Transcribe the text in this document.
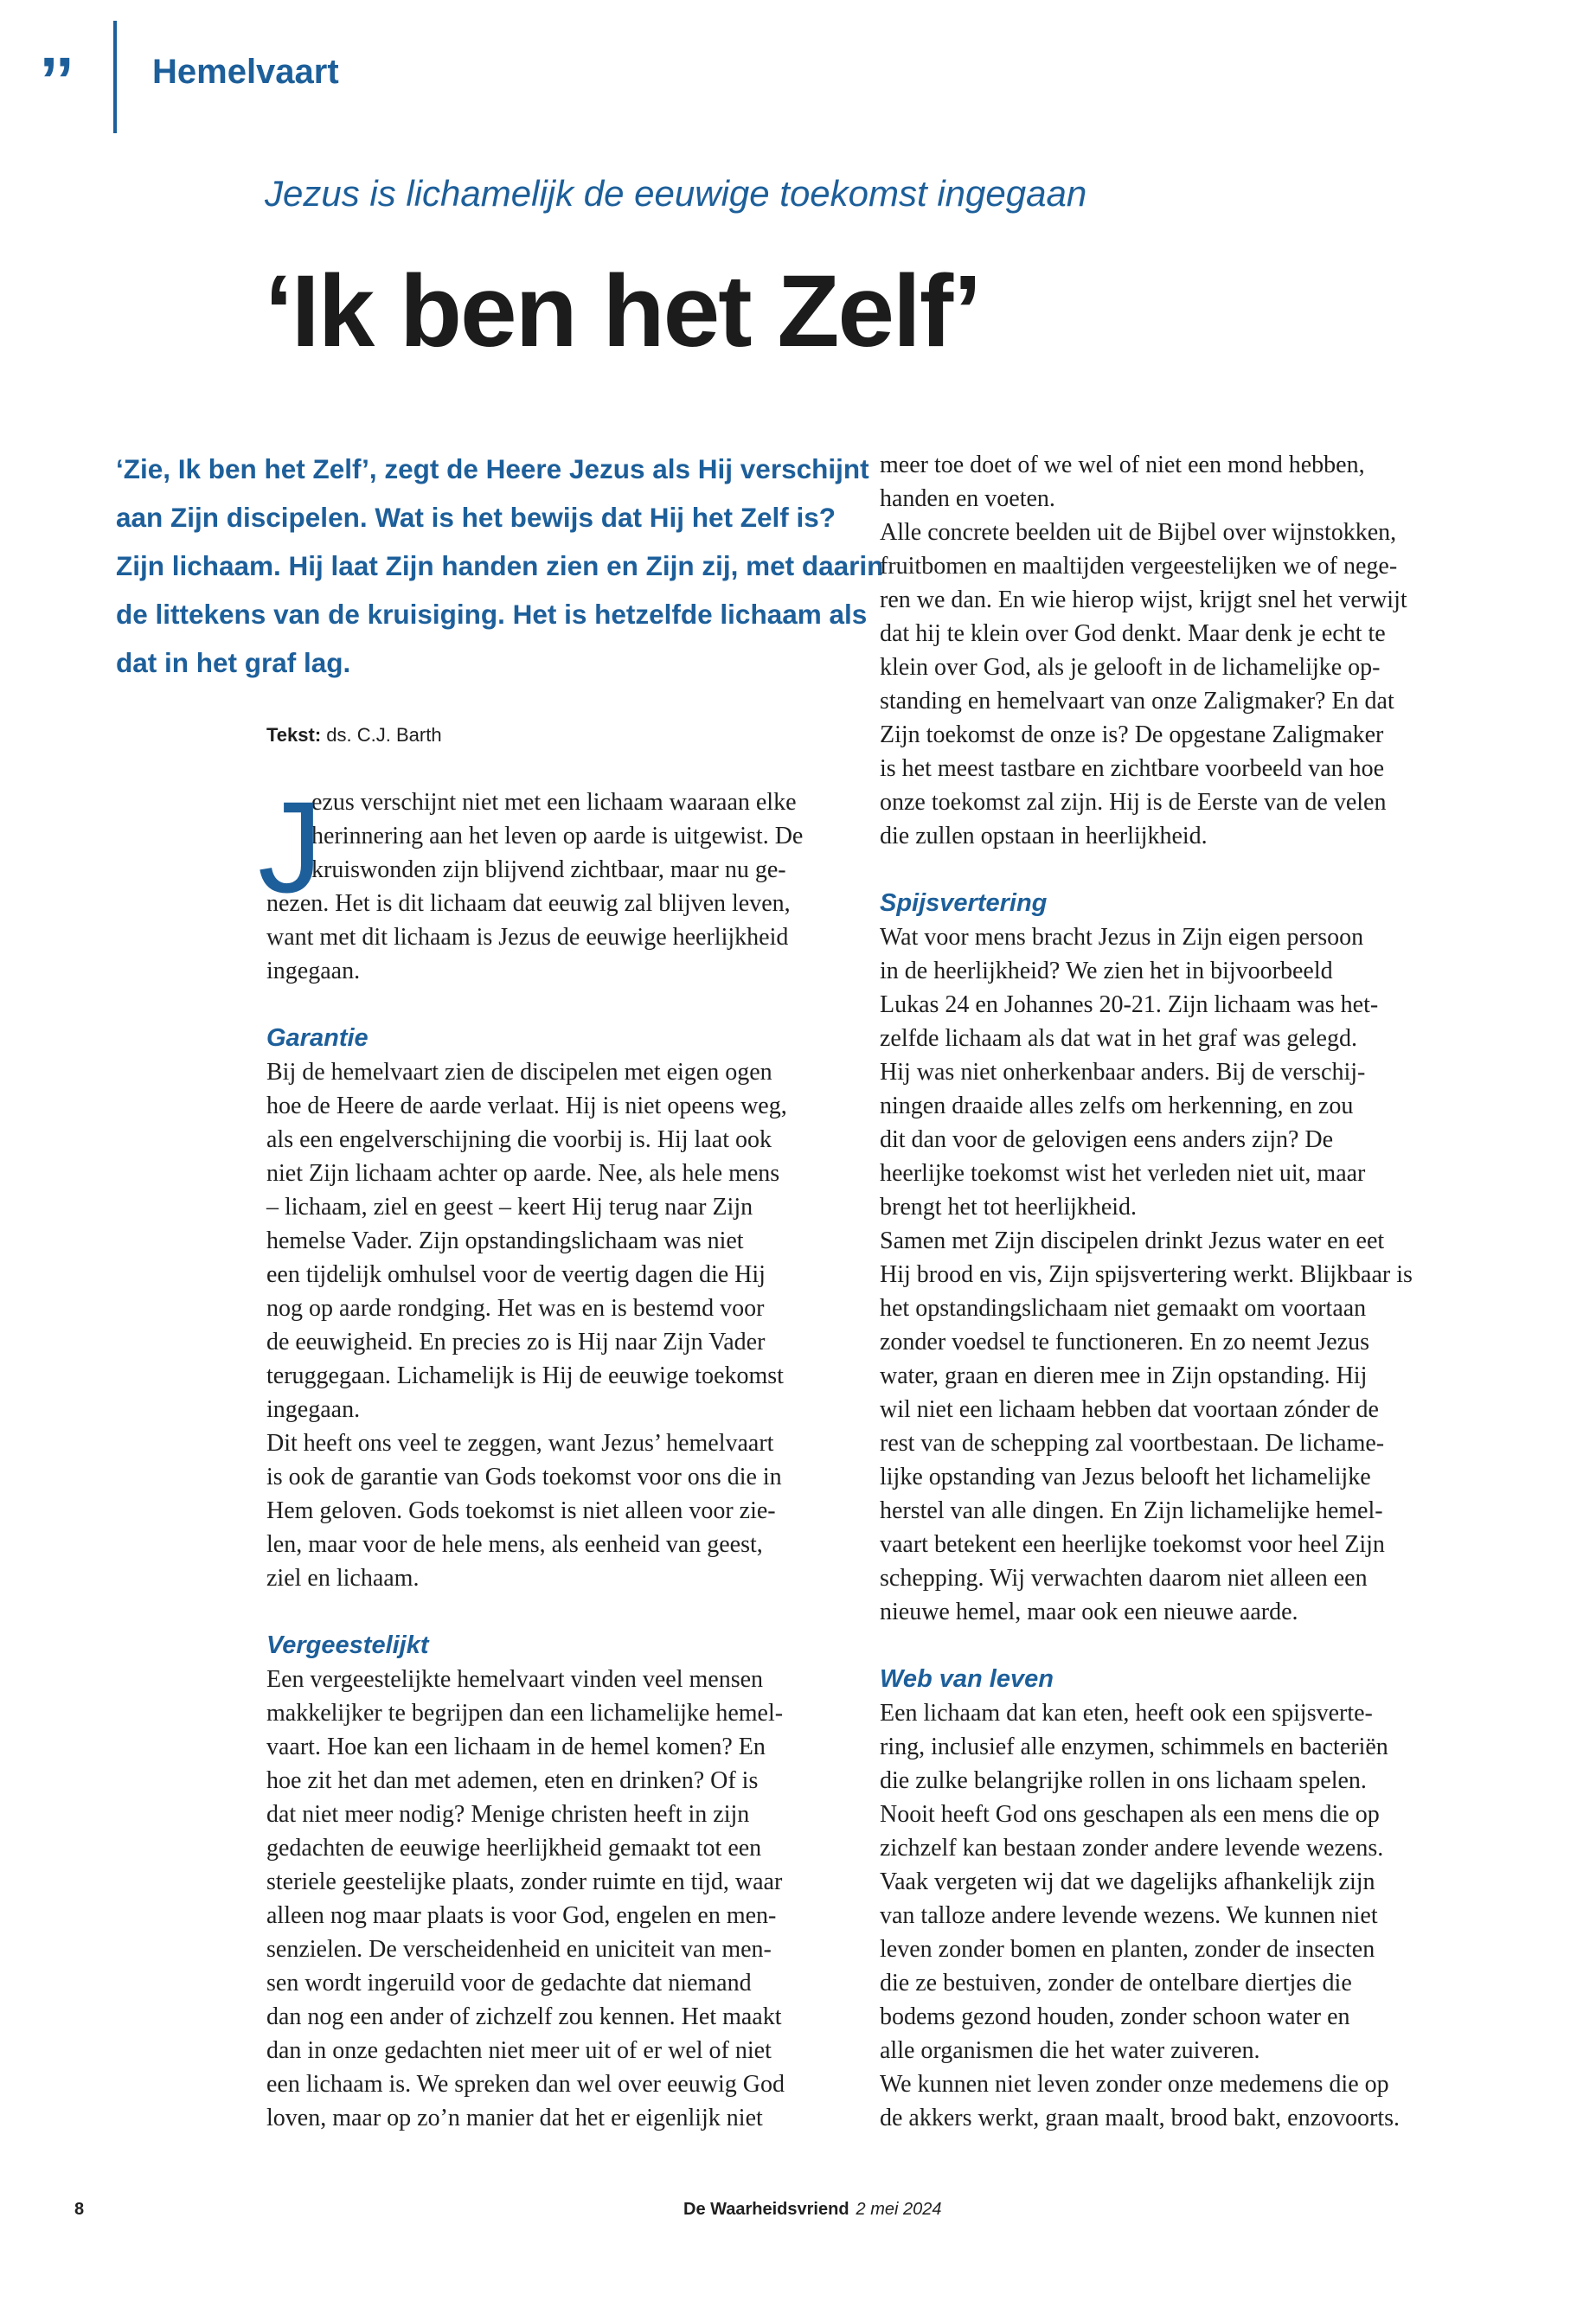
’’ Hemelvaart
Jezus is lichamelijk de eeuwige toekomst ingegaan
‘Ik ben het Zelf’
‘Zie, Ik ben het Zelf’, zegt de Heere Jezus als Hij verschijnt
aan Zijn discipelen. Wat is het bewijs dat Hij het Zelf is?
Zijn lichaam. Hij laat Zijn handen zien en Zijn zij, met daarin
de littekens van de kruisiging. Het is hetzelfde lichaam als
dat in het graf lag.
Tekst: ds. C.J. Barth
J
ezus verschijnt niet met een lichaam waaraan elke
herinnering aan het leven op aarde is uitgewist. De
kruiswonden zijn blijvend zichtbaar, maar nu ge-
nezen. Het is dit lichaam dat eeuwig zal blijven leven,
want met dit lichaam is Jezus de eeuwige heerlijkheid
ingegaan.
Garantie
Bij de hemelvaart zien de discipelen met eigen ogen
hoe de Heere de aarde verlaat. Hij is niet opeens weg,
als een engelverschijning die voorbij is. Hij laat ook
niet Zijn lichaam achter op aarde. Nee, als hele mens
– lichaam, ziel en geest – keert Hij terug naar Zijn
hemelse Vader. Zijn opstandingslichaam was niet
een tijdelijk omhulsel voor de veertig dagen die Hij
nog op aarde rondging. Het was en is bestemd voor
de eeuwigheid. En precies zo is Hij naar Zijn Vader
teruggegaan. Lichamelijk is Hij de eeuwige toekomst
ingegaan.
Dit heeft ons veel te zeggen, want Jezus’ hemelvaart
is ook de garantie van Gods toekomst voor ons die in
Hem geloven. Gods toekomst is niet alleen voor zie-
len, maar voor de hele mens, als eenheid van geest,
ziel en lichaam.
Vergeestelijkt
Een vergeestelijkte hemelvaart vinden veel mensen
makkelijker te begrijpen dan een lichamelijke hemel-
vaart. Hoe kan een lichaam in de hemel komen? En
hoe zit het dan met ademen, eten en drinken? Of is
dat niet meer nodig? Menige christen heeft in zijn
gedachten de eeuwige heerlijkheid gemaakt tot een
steriele geestelijke plaats, zonder ruimte en tijd, waar
alleen nog maar plaats is voor God, engelen en men-
senzielen. De verscheidenheid en uniciteit van men-
sen wordt ingeruild voor de gedachte dat niemand
dan nog een ander of zichzelf zou kennen. Het maakt
dan in onze gedachten niet meer uit of er wel of niet
een lichaam is. We spreken dan wel over eeuwig God
loven, maar op zo’n manier dat het er eigenlijk niet
meer toe doet of we wel of niet een mond hebben,
handen en voeten.
Alle concrete beelden uit de Bijbel over wijnstokken,
fruitbomen en maaltijden vergeestelijken we of nege-
ren we dan. En wie hierop wijst, krijgt snel het verwijt
dat hij te klein over God denkt. Maar denk je echt te
klein over God, als je gelooft in de lichamelijke op-
standing en hemelvaart van onze Zaligmaker? En dat
Zijn toekomst de onze is? De opgestane Zaligmaker
is het meest tastbare en zichtbare voorbeeld van hoe
onze toekomst zal zijn. Hij is de Eerste van de velen
die zullen opstaan in heerlijkheid.
Spijsvertering
Wat voor mens bracht Jezus in Zijn eigen persoon
in de heerlijkheid? We zien het in bijvoorbeeld
Lukas 24 en Johannes 20-21. Zijn lichaam was het-
zelfde lichaam als dat wat in het graf was gelegd.
Hij was niet onherkenbaar anders. Bij de verschij-
ningen draaide alles zelfs om herkenning, en zou
dit dan voor de gelovigen eens anders zijn? De
heerlijke toekomst wist het verleden niet uit, maar
brengt het tot heerlijkheid.
Samen met Zijn discipelen drinkt Jezus water en eet
Hij brood en vis, Zijn spijsvertering werkt. Blijkbaar is
het opstandingslichaam niet gemaakt om voortaan
zonder voedsel te functioneren. En zo neemt Jezus
water, graan en dieren mee in Zijn opstanding. Hij
wil niet een lichaam hebben dat voortaan zónder de
rest van de schepping zal voortbestaan. De lichame-
lijke opstanding van Jezus belooft het lichamelijke
herstel van alle dingen. En Zijn lichamelijke hemel-
vaart betekent een heerlijke toekomst voor heel Zijn
schepping. Wij verwachten daarom niet alleen een
nieuwe hemel, maar ook een nieuwe aarde.
Web van leven
Een lichaam dat kan eten, heeft ook een spijsverte-
ring, inclusief alle enzymen, schimmels en bacteriën
die zulke belangrijke rollen in ons lichaam spelen.
Nooit heeft God ons geschapen als een mens die op
zichzelf kan bestaan zonder andere levende wezens.
Vaak vergeten wij dat we dagelijks afhankelijk zijn
van talloze andere levende wezens. We kunnen niet
leven zonder bomen en planten, zonder de insecten
die ze bestuiven, zonder de ontelbare diertjes die
bodems gezond houden, zonder schoon water en
alle organismen die het water zuiveren.
We kunnen niet leven zonder onze medemens die op
de akkers werkt, graan maalt, brood bakt, enzovoorts.
8	De Waarheidsvriend 2 mei 2024
